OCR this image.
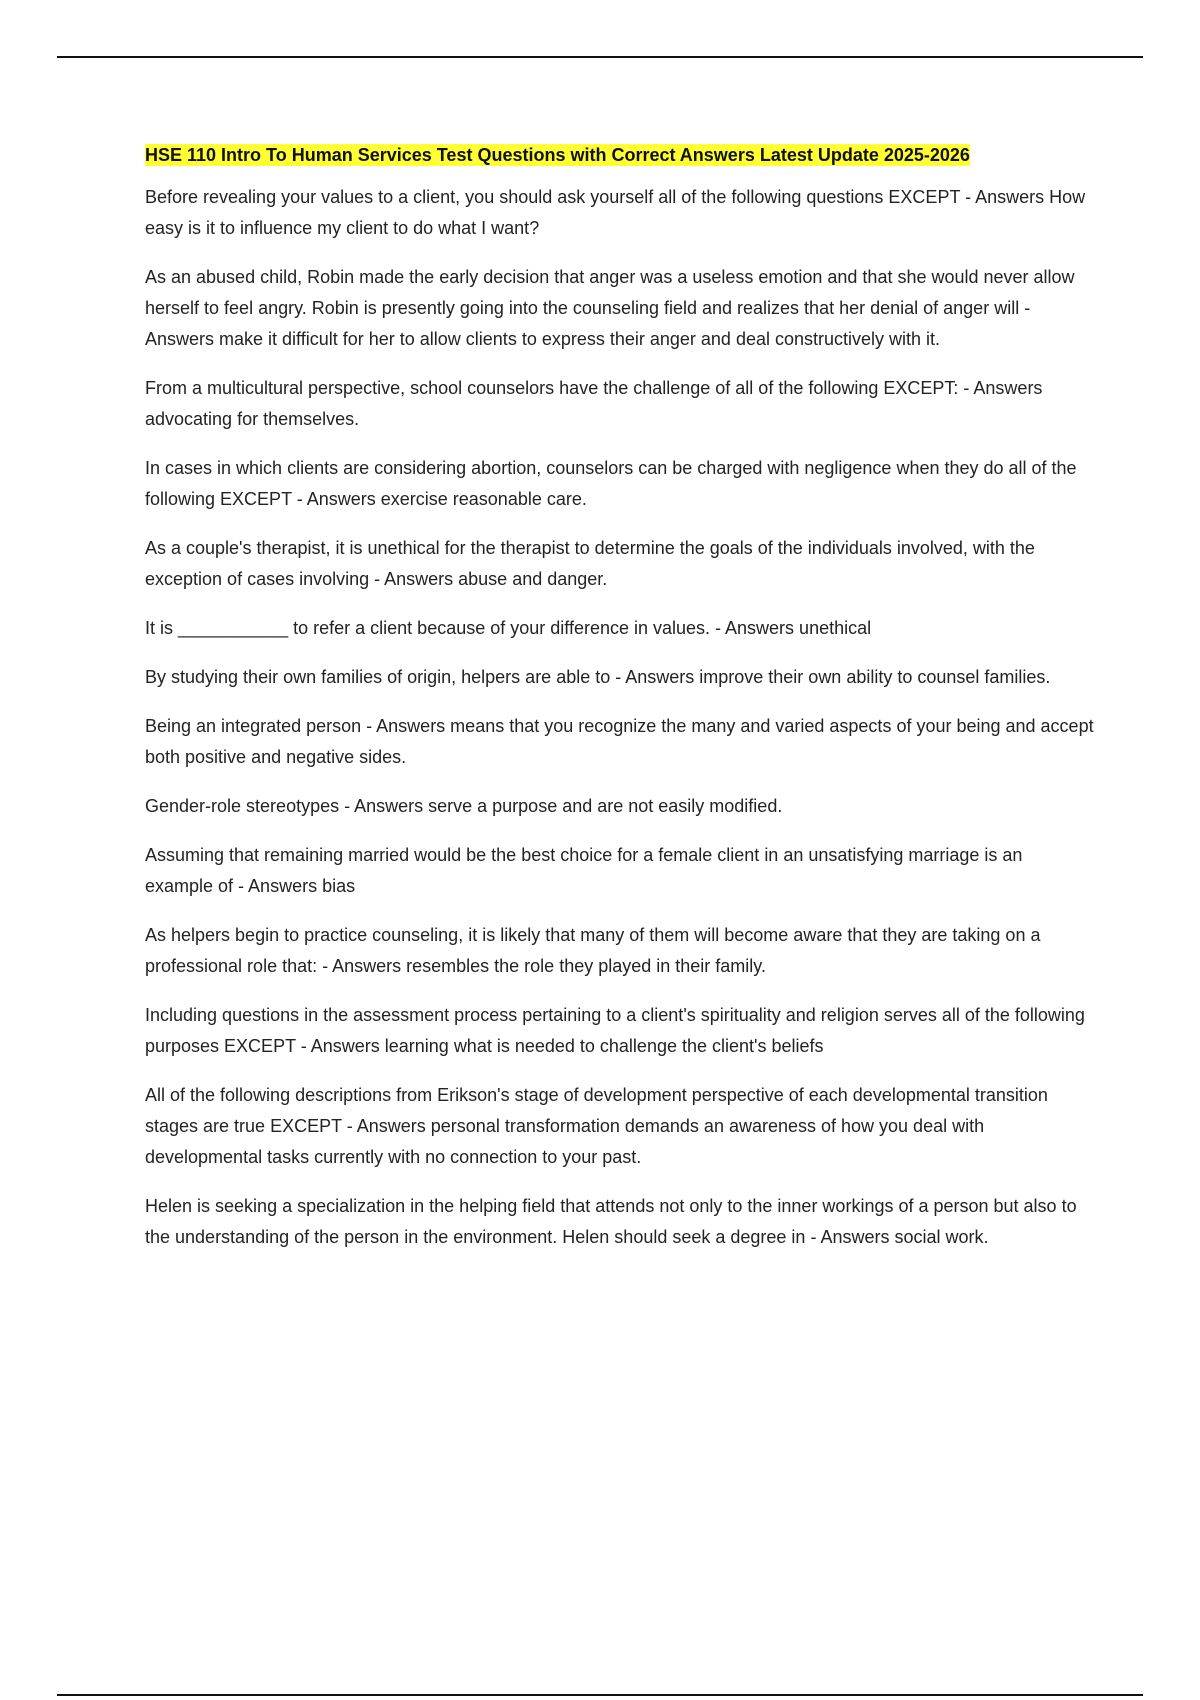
HSE 110 Intro To Human Services Test Questions with Correct Answers Latest Update 2025-2026
Before revealing your values to a client, you should ask yourself all of the following questions EXCEPT - Answers How easy is it to influence my client to do what I want?
As an abused child, Robin made the early decision that anger was a useless emotion and that she would never allow herself to feel angry. Robin is presently going into the counseling field and realizes that her denial of anger will - Answers make it difficult for her to allow clients to express their anger and deal constructively with it.
From a multicultural perspective, school counselors have the challenge of all of the following EXCEPT: - Answers advocating for themselves.
In cases in which clients are considering abortion, counselors can be charged with negligence when they do all of the following EXCEPT - Answers exercise reasonable care.
As a couple's therapist, it is unethical for the therapist to determine the goals of the individuals involved, with the exception of cases involving - Answers abuse and danger.
It is ___________ to refer a client because of your difference in values. - Answers unethical
By studying their own families of origin, helpers are able to - Answers improve their own ability to counsel families.
Being an integrated person - Answers means that you recognize the many and varied aspects of your being and accept both positive and negative sides.
Gender-role stereotypes - Answers serve a purpose and are not easily modified.
Assuming that remaining married would be the best choice for a female client in an unsatisfying marriage is an example of - Answers bias
As helpers begin to practice counseling, it is likely that many of them will become aware that they are taking on a professional role that: - Answers resembles the role they played in their family.
Including questions in the assessment process pertaining to a client's spirituality and religion serves all of the following purposes EXCEPT - Answers learning what is needed to challenge the client's beliefs
All of the following descriptions from Erikson's stage of development perspective of each developmental transition stages are true EXCEPT - Answers personal transformation demands an awareness of how you deal with developmental tasks currently with no connection to your past.
Helen is seeking a specialization in the helping field that attends not only to the inner workings of a person but also to the understanding of the person in the environment. Helen should seek a degree in - Answers social work.
